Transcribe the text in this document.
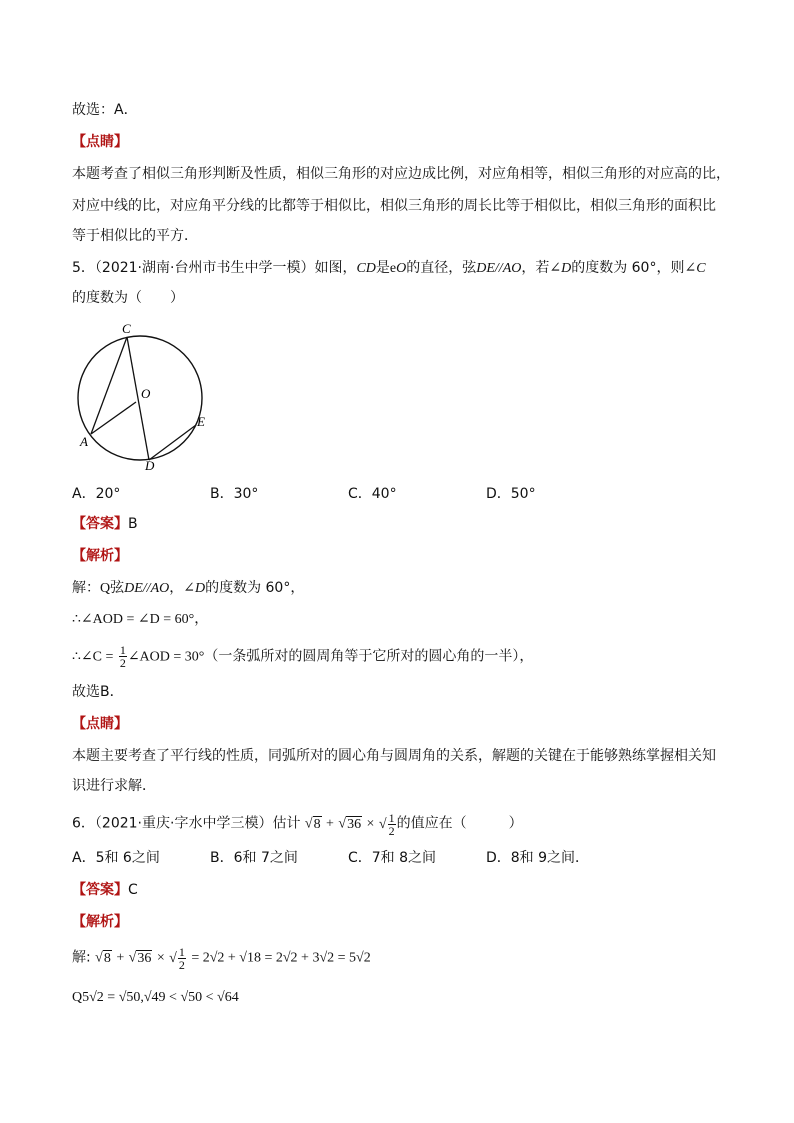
故选：A．
【点睛】
本题考查了相似三角形判断及性质，相似三角形的对应边成比例，对应角相等，相似三角形的对应高的比，
对应中线的比，对应角平分线的比都等于相似比，相似三角形的周长比等于相似比，相似三角形的面积比
等于相似比的平方．
5．（2021·湖南·台州市书生中学一模）如图，CD是eO的直径，弦DE//AO，若∠D的度数为 60°，则∠C
的度数为（　　）
C
O
A
E
D
A．20°	B．30°	C．40°	D．50°
【答案】B
【解析】
解：Q弦DE//AO，∠D的度数为 60°，
∴∠AOD = ∠D = 60°，
∴∠C = $\frac{1}{2}$ ∠AOD = 30°（一条弧所对的圆周角等于它所对的圆心角的一半），
故选B．
【点睛】
本题主要考查了平行线的性质，同弧所对的圆心角与圆周角的关系，解题的关键在于能够熟练掌握相关知
识进行求解．
6．（2021·重庆·字水中学三模）估计 √8 + √36 × √ $\frac{1}{2}$ 的值应在（　　　）
A．5和 6之间	B．6和 7之间	C．7和 8之间	D．8和 9之间．
【答案】C
【解析】
解: √8 + √36 × √ $\frac{1}{2} = 2√2 + √18 = 2√2 + 3√2 = 5√2$
Q5√2 = √50,√49 < √50 < √64
